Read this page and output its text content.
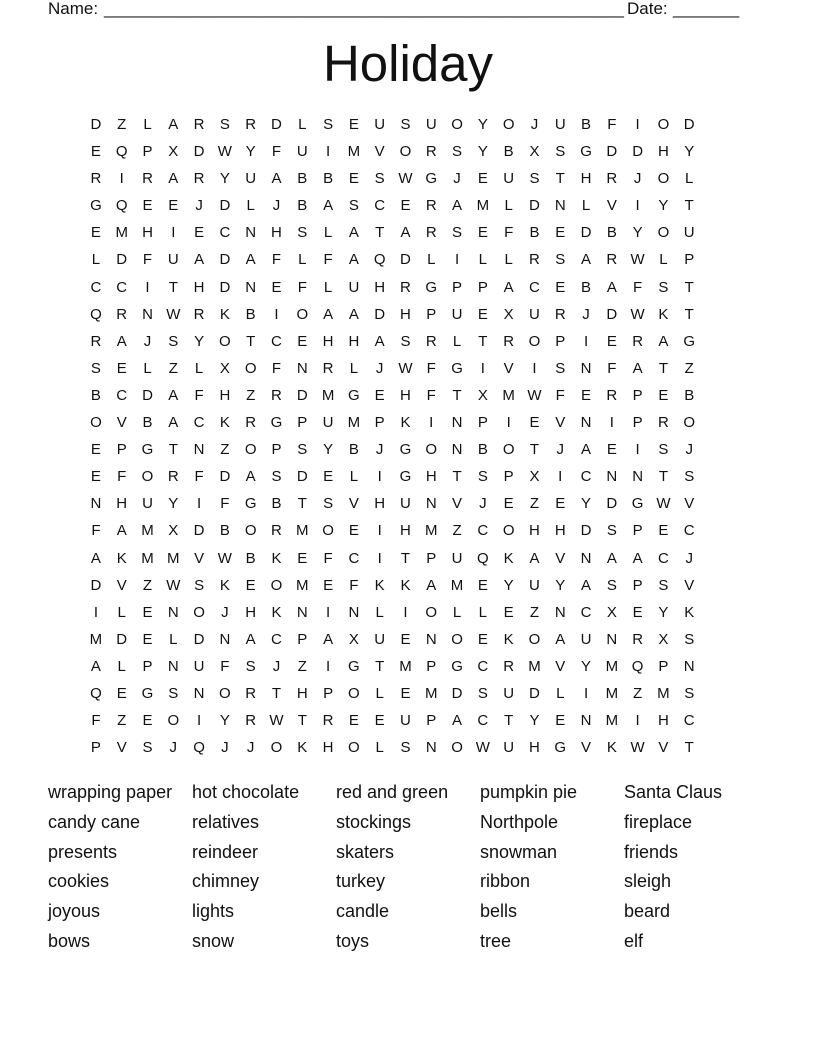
Name: _______________________________________________________ Date: _______
Holiday
D	Z	L	A	R	S	R D	L	S	E	U	S	U O Y O	J	U	B	F	I	O D
E Q P	X	D W Y	F	U	I	M V O R	S	Y	B	X	S G D D H	Y
R	I	R	A	R	Y	U	A	B	B	E	S W G	J	E	U	S	T	H R	J	O	L
G Q E	E	J	D	L	J	B	A	S	C	E	R	A M	L	D N	L	V	I	Y	T
E M H	I	E	C N H	S	L	A	T	A	R	S	E	F	B	E	D	B	Y O U
L	D	F	U	A	D	A	F	L	F	A Q D	L	I	L	L	R	S	A	R W L	P
C C	I	T	H D N	E	F	L	U H R G P	P	A	C	E	B	A	F	S	T
Q R N W R	K	B	I	O A	A	D H	P	U	E	X	U R	J	D W K	T
R	A	J	S	Y O	T	C	E	H H	A	S	R	L	T	R O P	I	E	R	A G
S	E	L	Z	L	X O	F	N R	L	J W F	G	I	V	I	S	N	F	A	T	Z
B	C D	A	F	H	Z	R D M G E	H	F	T	X M W F	E	R	P	E	B
O V	B	A	C	K	R G P	U M P	K	I	N	P	I	E	V	N	I	P	R O
E	P G	T	N	Z	O P	S	Y	B	J	G O N	B O	T	J	A	E	I	S	J
E	F	O R	F	D	A	S	D	E	L	I	G H	T	S	P	X	I	C N N	T	S
N H U	Y	I	F	G B	T	S	V	H U N	V	J	E	Z	E	Y	D G W V
F	A M X	D	B O R M O E	I	H M Z	C O H H D	S	P	E	C
A	K M M V W B	K	E	F	C	I	T	P	U Q K	A	V	N	A	A	C	J
D	V	Z W S	K	E O M E	F	K	K	A M E	Y	U	Y	A	S	P	S	V
I	L	E	N O	J	H	K	N	I	N	L	I	O	L	L	E	Z	N C	X	E	Y	K
M D	E	L	D N	A	C	P	A	X	U	E	N O E	K O A	U N R	X	S
A	L	P	N U	F	S	J	Z	I	G	T M P G C R M V	Y M Q P	N
Q E G S	N O R	T	H	P O	L	E M D	S	U D	L	I	M Z M S
F	Z	E O	I	Y	R W T	R	E	E	U	P	A	C	T	Y	E	N M	I	H C
P	V	S	J	Q	J	J	O K	H O	L	S	N O W U H G V	K W V	T
wrapping paper	hot chocolate	red and green	pumpkin pie	Santa Claus
candy cane	relatives	stockings	Northpole	fireplace
presents	reindeer	skaters	snowman	friends
cookies	chimney	turkey	ribbon	sleigh
joyous	lights	candle	bells	beard
bows	snow	toys	tree	elf
